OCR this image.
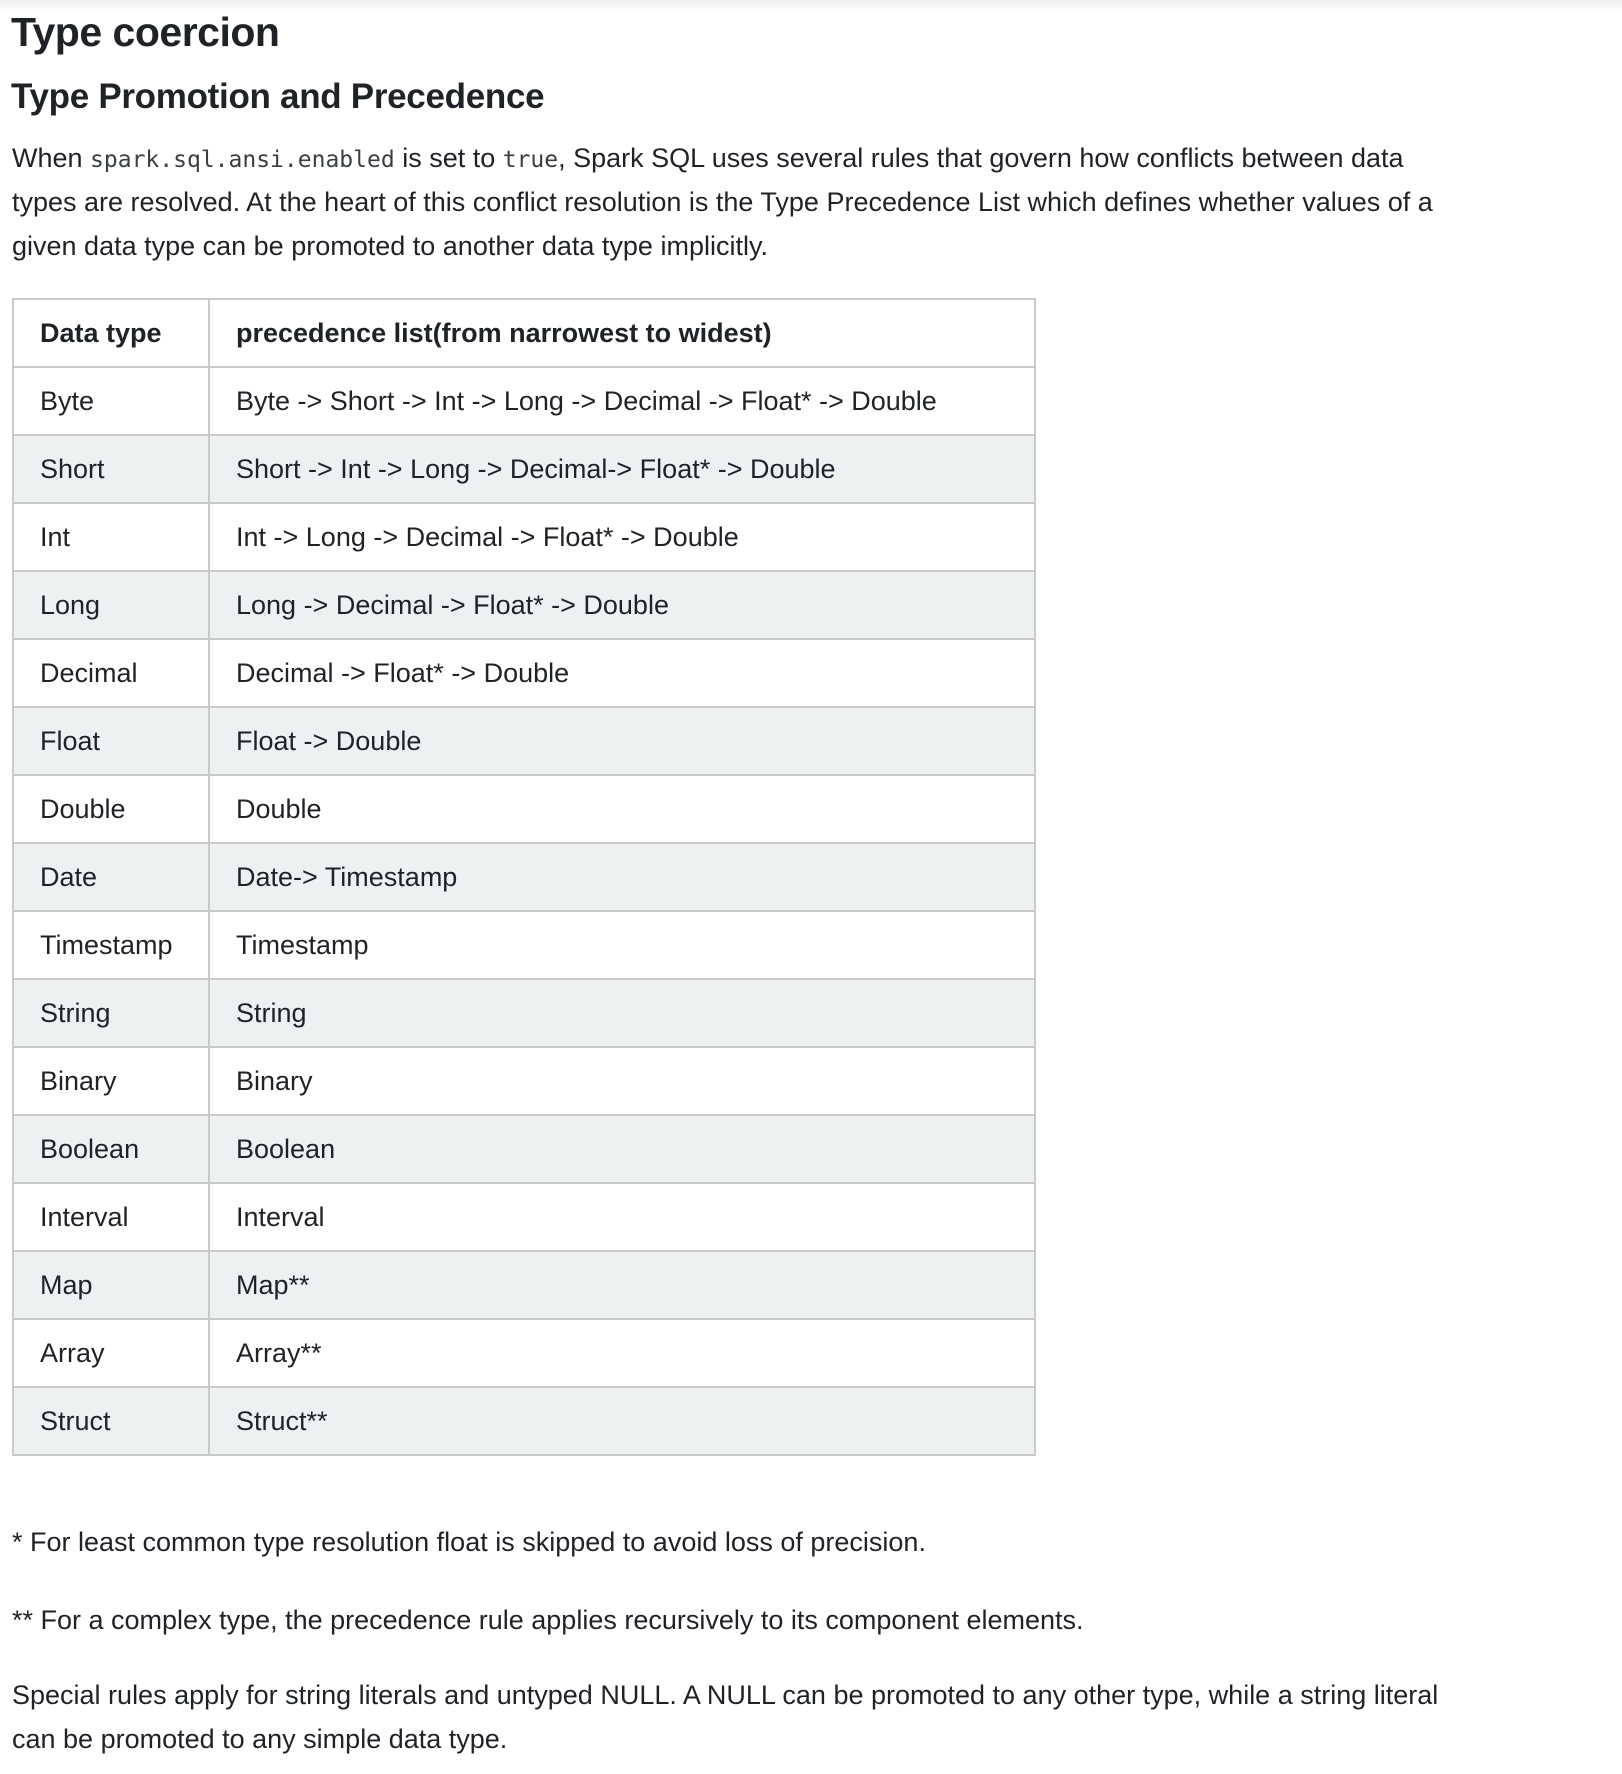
Type coercion
Type Promotion and Precedence

When spark.sql.ansi.enabled is set to true, Spark SQL uses several rules that govern how conflicts between data
types are resolved. At the heart of this conflict resolution is the Type Precedence List which defines whether values of a
given data type can be promoted to another data type implicitly.

Data type	precedence list(from narrowest to widest)
Byte	Byte -> Short -> Int -> Long -> Decimal -> Float* -> Double
Short	Short -> Int -> Long -> Decimal-> Float* -> Double
Int	Int -> Long -> Decimal -> Float* -> Double
Long	Long -> Decimal -> Float* -> Double
Decimal	Decimal -> Float* -> Double
Float	Float -> Double
Double	Double
Date	Date-> Timestamp
Timestamp	Timestamp
String	String
Binary	Binary
Boolean	Boolean
Interval	Interval
Map	Map**
Array	Array**
Struct	Struct**

* For least common type resolution float is skipped to avoid loss of precision.

** For a complex type, the precedence rule applies recursively to its component elements.

Special rules apply for string literals and untyped NULL. A NULL can be promoted to any other type, while a string literal
can be promoted to any simple data type.
